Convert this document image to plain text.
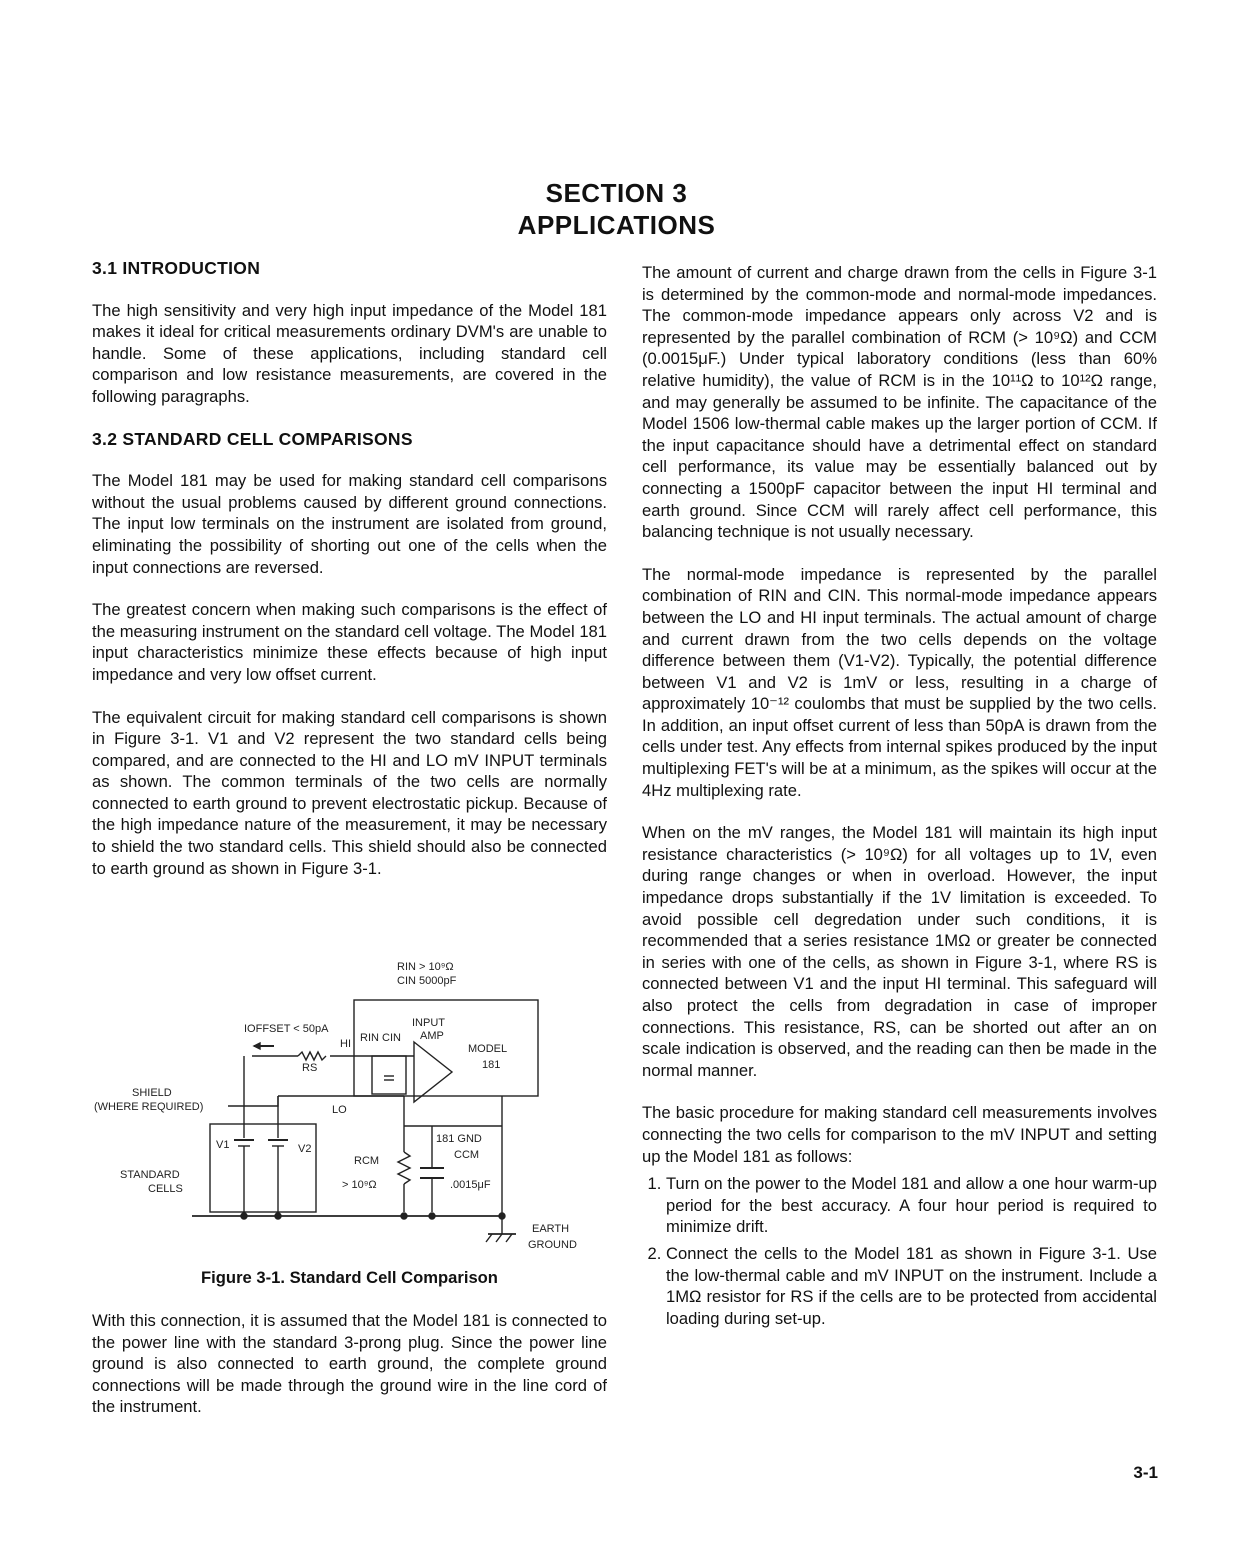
SECTION 3
APPLICATIONS
3.1 INTRODUCTION

The high sensitivity and very high input impedance of the Model 181 makes it ideal for critical measurements ordinary DVM's are unable to handle. Some of these applications, including standard cell comparison and low resistance measurements, are covered in the following paragraphs.

3.2 STANDARD CELL COMPARISONS

The Model 181 may be used for making standard cell comparisons without the usual problems caused by different ground connections. The input low terminals on the instrument are isolated from ground, eliminating the possibility of shorting out one of the cells when the input connections are reversed.

The greatest concern when making such comparisons is the effect of the measuring instrument on the standard cell voltage. The Model 181 input characteristics minimize these effects because of high input impedance and very low offset current.

The equivalent circuit for making standard cell comparisons is shown in Figure 3-1. V1 and V2 represent the two standard cells being compared, and are connected to the HI and LO mV INPUT terminals as shown. The common terminals of the two cells are normally connected to earth ground to prevent electrostatic pickup. Because of the high impedance nature of the measurement, it may be necessary to shield the two standard cells. This shield should also be connected to earth ground as shown in Figure 3-1.

RIN > 10⁹Ω
CIN 5000pF
INPUT
AMP
RIN CIN
MODEL
181
IOFFSET < 50pA
HI
RS
LO
181 GND
SHIELD
(WHERE REQUIRED)
V1	V2
STANDARD
CELLS
RCM
> 10⁹Ω
CCM
.0015μF
EARTH
GROUND
Figure 3-1. Standard Cell Comparison

With this connection, it is assumed that the Model 181 is connected to the power line with the standard 3-prong plug. Since the power line ground is also connected to earth ground, the complete ground connections will be made through the ground wire in the line cord of the instrument.

The amount of current and charge drawn from the cells in Figure 3-1 is determined by the common-mode and normal-mode impedances. The common-mode impedance appears only across V2 and is represented by the parallel combination of RCM (> 10⁹Ω) and CCM (0.0015μF.) Under typical laboratory conditions (less than 60% relative humidity), the value of RCM is in the 10¹¹Ω to 10¹²Ω range, and may generally be assumed to be infinite. The capacitance of the Model 1506 low-thermal cable makes up the larger portion of CCM. If the input capacitance should have a detrimental effect on standard cell performance, its value may be essentially balanced out by connecting a 1500pF capacitor between the input HI terminal and earth ground. Since CCM will rarely affect cell performance, this balancing technique is not usually necessary.

The normal-mode impedance is represented by the parallel combination of RIN and CIN. This normal-mode impedance appears between the LO and HI input terminals. The actual amount of charge and current drawn from the two cells depends on the voltage difference between them (V1-V2). Typically, the potential difference between V1 and V2 is 1mV or less, resulting in a charge of approximately 10⁻¹² coulombs that must be supplied by the two cells. In addition, an input offset current of less than 50pA is drawn from the cells under test. Any effects from internal spikes produced by the input multiplexing FET's will be at a minimum, as the spikes will occur at the 4Hz multiplexing rate.

When on the mV ranges, the Model 181 will maintain its high input resistance characteristics (> 10⁹Ω) for all voltages up to 1V, even during range changes or when in overload. However, the input impedance drops substantially if the 1V limitation is exceeded. To avoid possible cell degredation under such conditions, it is recommended that a series resistance 1MΩ or greater be connected in series with one of the cells, as shown in Figure 3-1, where RS is connected between V1 and the input HI terminal. This safeguard will also protect the cells from degradation in case of improper connections. This resistance, RS, can be shorted out after an on scale indication is observed, and the reading can then be made in the normal manner.

The basic procedure for making standard cell measurements involves connecting the two cells for comparison to the mV INPUT and setting up the Model 181 as follows:

1. Turn on the power to the Model 181 and allow a one hour warm-up period for the best accuracy. A four hour period is required to minimize drift.
2. Connect the cells to the Model 181 as shown in Figure 3-1. Use the low-thermal cable and mV INPUT on the instrument. Include a 1MΩ resistor for RS if the cells are to be protected from accidental loading during set-up.
3-1
